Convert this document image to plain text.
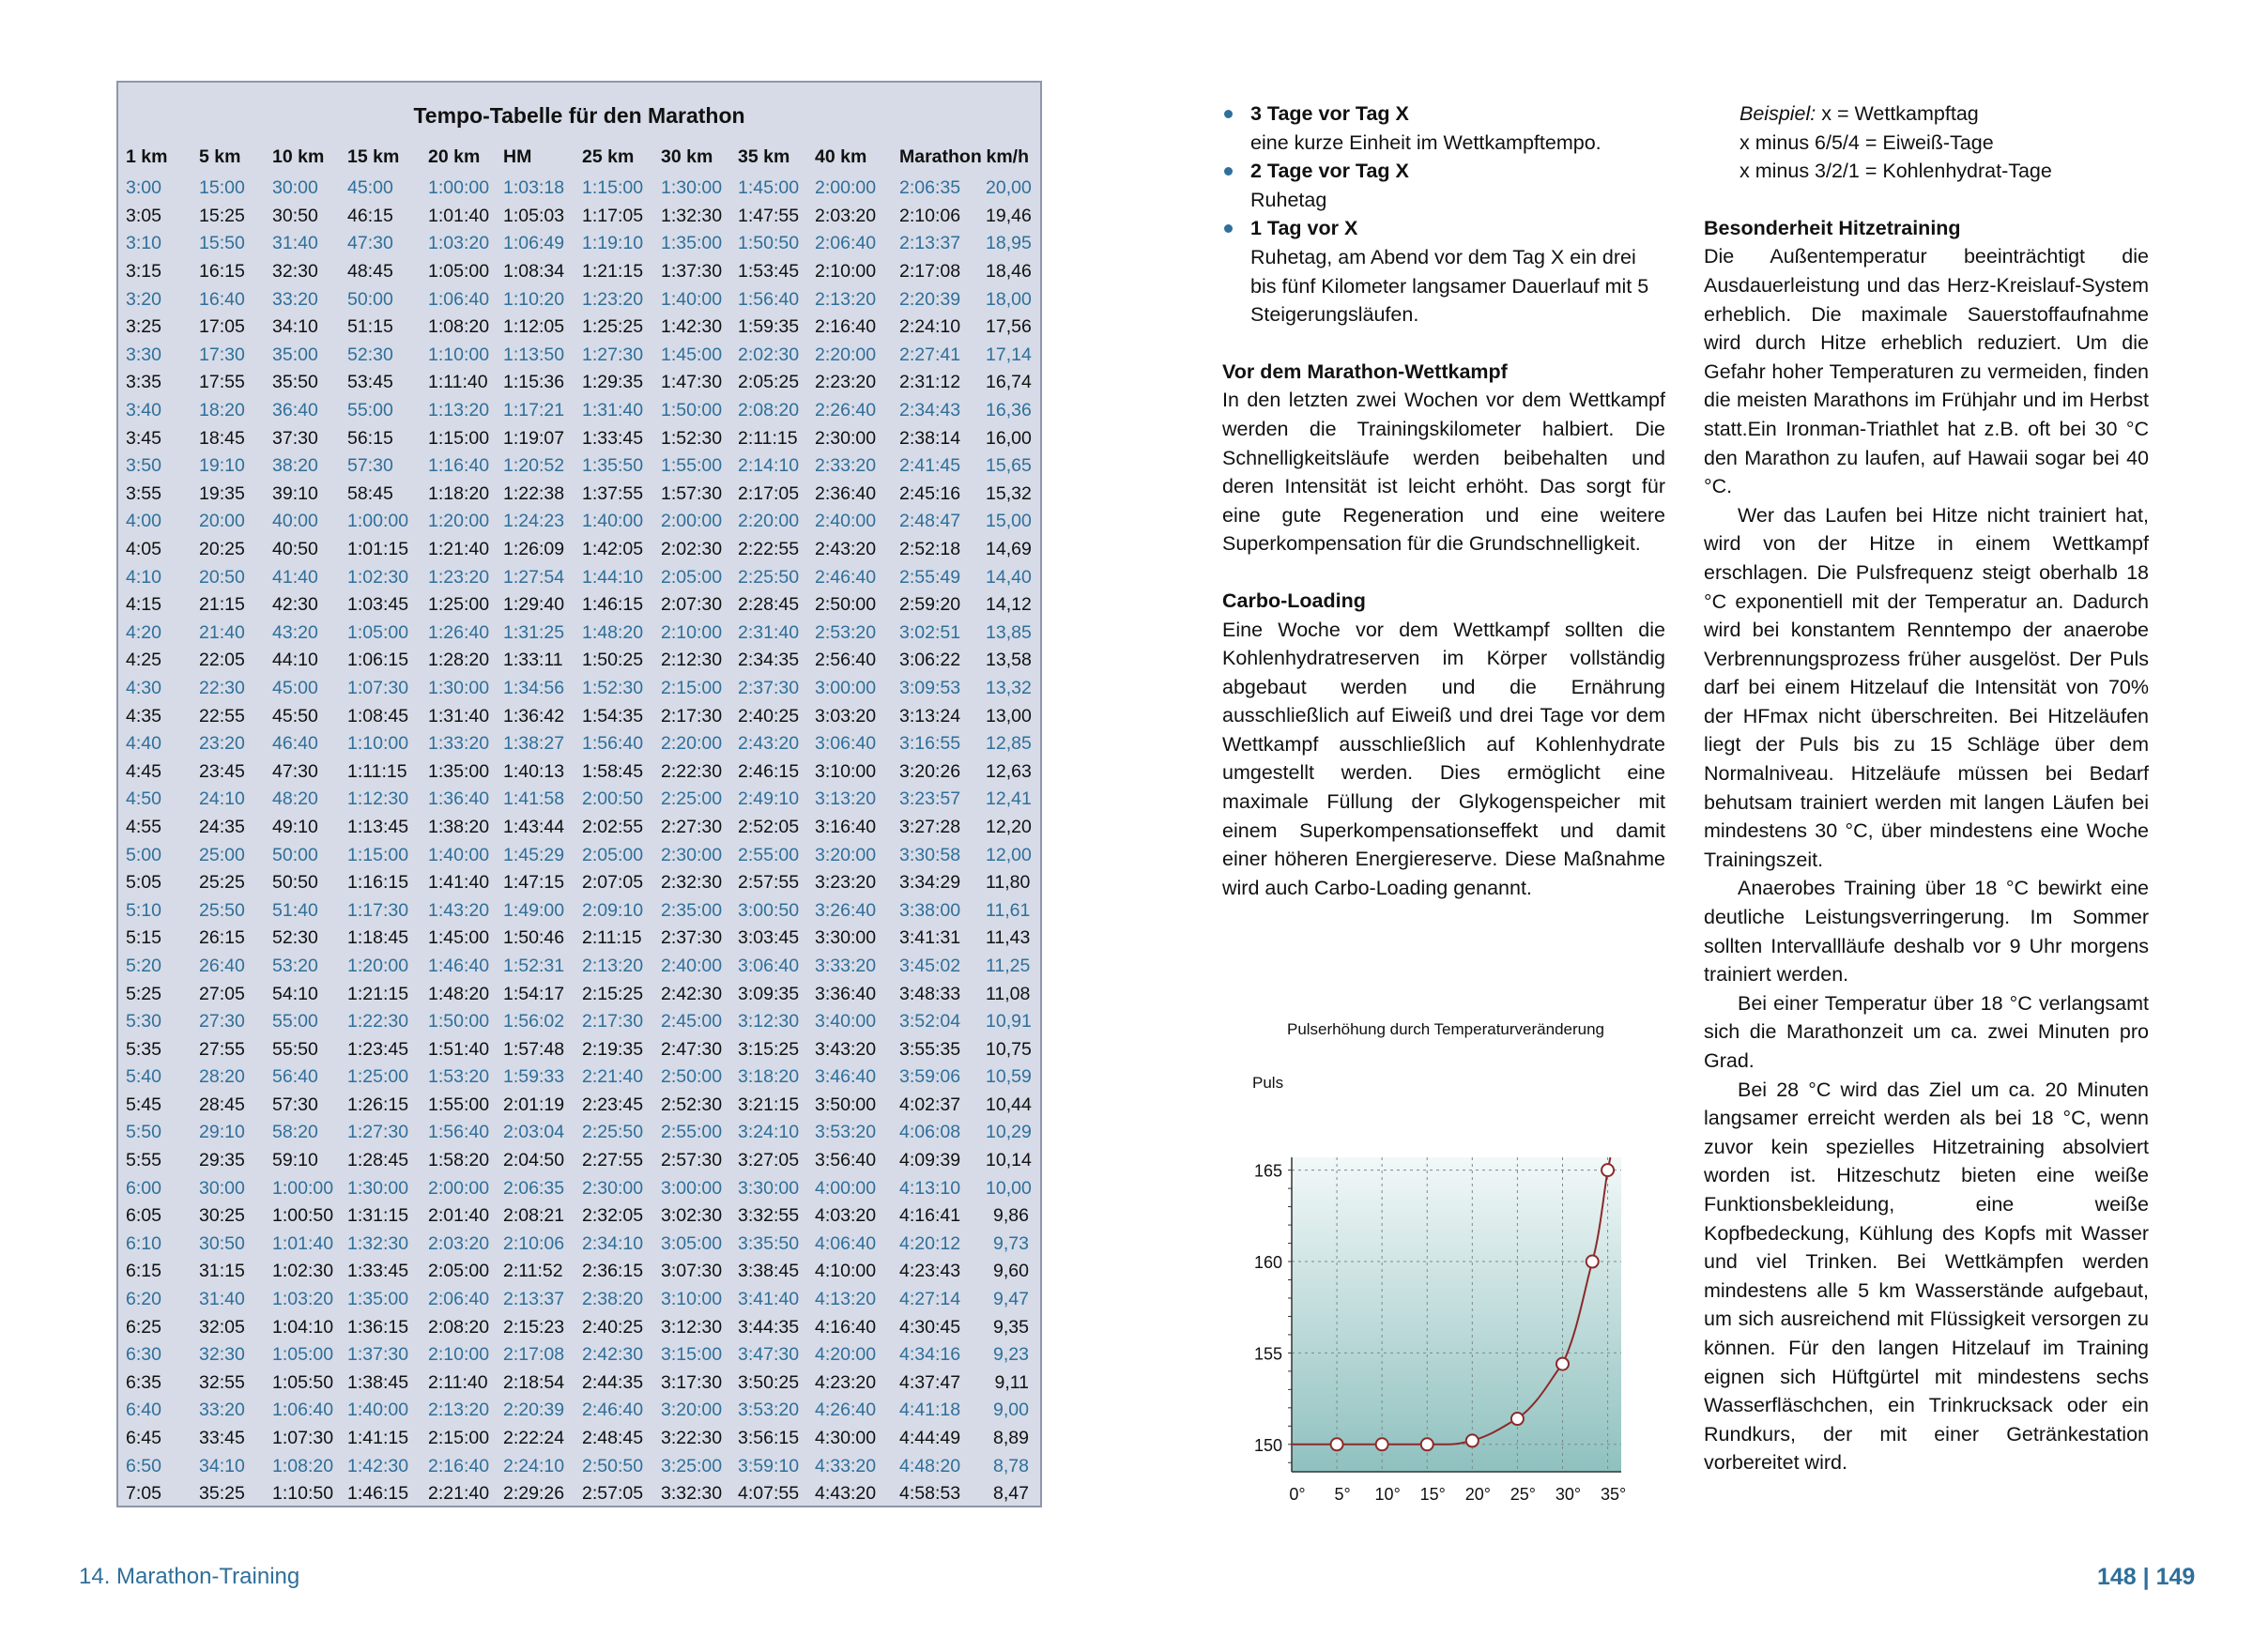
Tempo-Tabelle für den Marathon
1 km	5 km	10 km	15 km	20 km	HM	25 km	30 km	35 km	40 km	Marathon	km/h
3:00	15:00	30:00	45:00	1:00:00	1:03:18	1:15:00	1:30:00	1:45:00	2:00:00	2:06:35	20,00
3:05	15:25	30:50	46:15	1:01:40	1:05:03	1:17:05	1:32:30	1:47:55	2:03:20	2:10:06	19,46
3:10	15:50	31:40	47:30	1:03:20	1:06:49	1:19:10	1:35:00	1:50:50	2:06:40	2:13:37	18,95
3:15	16:15	32:30	48:45	1:05:00	1:08:34	1:21:15	1:37:30	1:53:45	2:10:00	2:17:08	18,46
3:20	16:40	33:20	50:00	1:06:40	1:10:20	1:23:20	1:40:00	1:56:40	2:13:20	2:20:39	18,00
3:25	17:05	34:10	51:15	1:08:20	1:12:05	1:25:25	1:42:30	1:59:35	2:16:40	2:24:10	17,56
3:30	17:30	35:00	52:30	1:10:00	1:13:50	1:27:30	1:45:00	2:02:30	2:20:00	2:27:41	17,14
3:35	17:55	35:50	53:45	1:11:40	1:15:36	1:29:35	1:47:30	2:05:25	2:23:20	2:31:12	16,74
3:40	18:20	36:40	55:00	1:13:20	1:17:21	1:31:40	1:50:00	2:08:20	2:26:40	2:34:43	16,36
3:45	18:45	37:30	56:15	1:15:00	1:19:07	1:33:45	1:52:30	2:11:15	2:30:00	2:38:14	16,00
3:50	19:10	38:20	57:30	1:16:40	1:20:52	1:35:50	1:55:00	2:14:10	2:33:20	2:41:45	15,65
3:55	19:35	39:10	58:45	1:18:20	1:22:38	1:37:55	1:57:30	2:17:05	2:36:40	2:45:16	15,32
4:00	20:00	40:00	1:00:00	1:20:00	1:24:23	1:40:00	2:00:00	2:20:00	2:40:00	2:48:47	15,00
4:05	20:25	40:50	1:01:15	1:21:40	1:26:09	1:42:05	2:02:30	2:22:55	2:43:20	2:52:18	14,69
4:10	20:50	41:40	1:02:30	1:23:20	1:27:54	1:44:10	2:05:00	2:25:50	2:46:40	2:55:49	14,40
4:15	21:15	42:30	1:03:45	1:25:00	1:29:40	1:46:15	2:07:30	2:28:45	2:50:00	2:59:20	14,12
4:20	21:40	43:20	1:05:00	1:26:40	1:31:25	1:48:20	2:10:00	2:31:40	2:53:20	3:02:51	13,85
4:25	22:05	44:10	1:06:15	1:28:20	1:33:11	1:50:25	2:12:30	2:34:35	2:56:40	3:06:22	13,58
4:30	22:30	45:00	1:07:30	1:30:00	1:34:56	1:52:30	2:15:00	2:37:30	3:00:00	3:09:53	13,32
4:35	22:55	45:50	1:08:45	1:31:40	1:36:42	1:54:35	2:17:30	2:40:25	3:03:20	3:13:24	13,00
4:40	23:20	46:40	1:10:00	1:33:20	1:38:27	1:56:40	2:20:00	2:43:20	3:06:40	3:16:55	12,85
4:45	23:45	47:30	1:11:15	1:35:00	1:40:13	1:58:45	2:22:30	2:46:15	3:10:00	3:20:26	12,63
4:50	24:10	48:20	1:12:30	1:36:40	1:41:58	2:00:50	2:25:00	2:49:10	3:13:20	3:23:57	12,41
4:55	24:35	49:10	1:13:45	1:38:20	1:43:44	2:02:55	2:27:30	2:52:05	3:16:40	3:27:28	12,20
5:00	25:00	50:00	1:15:00	1:40:00	1:45:29	2:05:00	2:30:00	2:55:00	3:20:00	3:30:58	12,00
5:05	25:25	50:50	1:16:15	1:41:40	1:47:15	2:07:05	2:32:30	2:57:55	3:23:20	3:34:29	11,80
5:10	25:50	51:40	1:17:30	1:43:20	1:49:00	2:09:10	2:35:00	3:00:50	3:26:40	3:38:00	11,61
5:15	26:15	52:30	1:18:45	1:45:00	1:50:46	2:11:15	2:37:30	3:03:45	3:30:00	3:41:31	11,43
5:20	26:40	53:20	1:20:00	1:46:40	1:52:31	2:13:20	2:40:00	3:06:40	3:33:20	3:45:02	11,25
5:25	27:05	54:10	1:21:15	1:48:20	1:54:17	2:15:25	2:42:30	3:09:35	3:36:40	3:48:33	11,08
5:30	27:30	55:00	1:22:30	1:50:00	1:56:02	2:17:30	2:45:00	3:12:30	3:40:00	3:52:04	10,91
5:35	27:55	55:50	1:23:45	1:51:40	1:57:48	2:19:35	2:47:30	3:15:25	3:43:20	3:55:35	10,75
5:40	28:20	56:40	1:25:00	1:53:20	1:59:33	2:21:40	2:50:00	3:18:20	3:46:40	3:59:06	10,59
5:45	28:45	57:30	1:26:15	1:55:00	2:01:19	2:23:45	2:52:30	3:21:15	3:50:00	4:02:37	10,44
5:50	29:10	58:20	1:27:30	1:56:40	2:03:04	2:25:50	2:55:00	3:24:10	3:53:20	4:06:08	10,29
5:55	29:35	59:10	1:28:45	1:58:20	2:04:50	2:27:55	2:57:30	3:27:05	3:56:40	4:09:39	10,14
6:00	30:00	1:00:00	1:30:00	2:00:00	2:06:35	2:30:00	3:00:00	3:30:00	4:00:00	4:13:10	10,00
6:05	30:25	1:00:50	1:31:15	2:01:40	2:08:21	2:32:05	3:02:30	3:32:55	4:03:20	4:16:41	9,86
6:10	30:50	1:01:40	1:32:30	2:03:20	2:10:06	2:34:10	3:05:00	3:35:50	4:06:40	4:20:12	9,73
6:15	31:15	1:02:30	1:33:45	2:05:00	2:11:52	2:36:15	3:07:30	3:38:45	4:10:00	4:23:43	9,60
6:20	31:40	1:03:20	1:35:00	2:06:40	2:13:37	2:38:20	3:10:00	3:41:40	4:13:20	4:27:14	9,47
6:25	32:05	1:04:10	1:36:15	2:08:20	2:15:23	2:40:25	3:12:30	3:44:35	4:16:40	4:30:45	9,35
6:30	32:30	1:05:00	1:37:30	2:10:00	2:17:08	2:42:30	3:15:00	3:47:30	4:20:00	4:34:16	9,23
6:35	32:55	1:05:50	1:38:45	2:11:40	2:18:54	2:44:35	3:17:30	3:50:25	4:23:20	4:37:47	9,11
6:40	33:20	1:06:40	1:40:00	2:13:20	2:20:39	2:46:40	3:20:00	3:53:20	4:26:40	4:41:18	9,00
6:45	33:45	1:07:30	1:41:15	2:15:00	2:22:24	2:48:45	3:22:30	3:56:15	4:30:00	4:44:49	8,89
6:50	34:10	1:08:20	1:42:30	2:16:40	2:24:10	2:50:50	3:25:00	3:59:10	4:33:20	4:48:20	8,78
7:05	35:25	1:10:50	1:46:15	2:21:40	2:29:26	2:57:05	3:32:30	4:07:55	4:43:20	4:58:53	8,47
14. Marathon-Training	148 | 149
3 Tage vor Tag X
eine kurze Einheit im Wettkampftempo.
2 Tage vor Tag X
Ruhetag
1 Tag vor X
Ruhetag, am Abend vor dem Tag X ein drei bis fünf Kilometer langsamer Dauerlauf mit 5 Steigerungsläufen.
Vor dem Marathon-Wettkampf

In den letzten zwei Wochen vor dem Wettkampf werden die Trainingskilometer halbiert. Die Schnelligkeitsläufe werden beibehalten und deren Intensität ist leicht erhöht. Das sorgt für eine gute Regeneration und eine weitere Superkompensation für die Grundschnelligkeit.

Carbo-Loading

Eine Woche vor dem Wettkampf sollten die Kohlenhydratreserven im Körper vollständig abgebaut werden und die Ernährung ausschließlich auf Eiweiß und drei Tage vor dem Wettkampf ausschließlich auf Kohlenhydrate umgestellt werden. Dies ermöglicht eine maximale Füllung der Glykogenspeicher mit einem Superkompensationseffekt und damit einer höheren Energiereserve. Diese Maßnahme wird auch Carbo-Loading genannt.

Pulserhöhung durch Temperaturveränderung
Puls
150
155
160
165
0° 5° 10° 15° 20° 25° 30° 35°
Beispiel: x = Wettkampftag
x minus 6/5/4 = Eiweiß-Tage
x minus 3/2/1 = Kohlenhydrat-Tage
Besonderheit Hitzetraining

Die Außentemperatur beeinträchtigt die Ausdauerleistung und das Herz-Kreislauf-System erheblich. Die maximale Sauerstoffaufnahme wird durch Hitze erheblich reduziert. Um die Gefahr hoher Temperaturen zu vermeiden, finden die meisten Marathons im Frühjahr und im Herbst statt.Ein Ironman-Triathlet hat z.B. oft bei 30 °C den Marathon zu laufen, auf Hawaii sogar bei 40 °C.

Wer das Laufen bei Hitze nicht trainiert hat, wird von der Hitze in einem Wettkampf erschlagen. Die Pulsfrequenz steigt oberhalb 18 °C exponentiell mit der Temperatur an. Dadurch wird bei konstantem Renntempo der anaerobe Verbrennungsprozess früher ausgelöst. Der Puls darf bei einem Hitzelauf die Intensität von 70% der HFmax nicht überschreiten. Bei Hitzeläufen liegt der Puls bis zu 15 Schläge über dem Normalniveau. Hitzeläufe müssen bei Bedarf behutsam trainiert werden mit langen Läufen bei mindestens 30 °C, über mindestens eine Woche Trainingszeit.

Anaerobes Training über 18 °C bewirkt eine deutliche Leistungsverringerung. Im Sommer sollten Intervallläufe deshalb vor 9 Uhr morgens trainiert werden.

Bei einer Temperatur über 18 °C verlangsamt sich die Marathonzeit um ca. zwei Minuten pro Grad.

Bei 28 °C wird das Ziel um ca. 20 Minuten langsamer erreicht werden als bei 18 °C, wenn zuvor kein spezielles Hitzetraining absolviert worden ist. Hitzeschutz bieten eine weiße Funktionsbekleidung, eine weiße Kopfbedeckung, Kühlung des Kopfs mit Wasser und viel Trinken. Bei Wettkämpfen werden mindestens alle 5 km Wasserstände aufgebaut, um sich ausreichend mit Flüssigkeit versorgen zu können. Für den langen Hitzelauf im Training eignen sich Hüftgürtel mit mindestens sechs Wasserfläschchen, ein Trinkrucksack oder ein Rundkurs, der mit einer Getränkestation vorbereitet wird.
